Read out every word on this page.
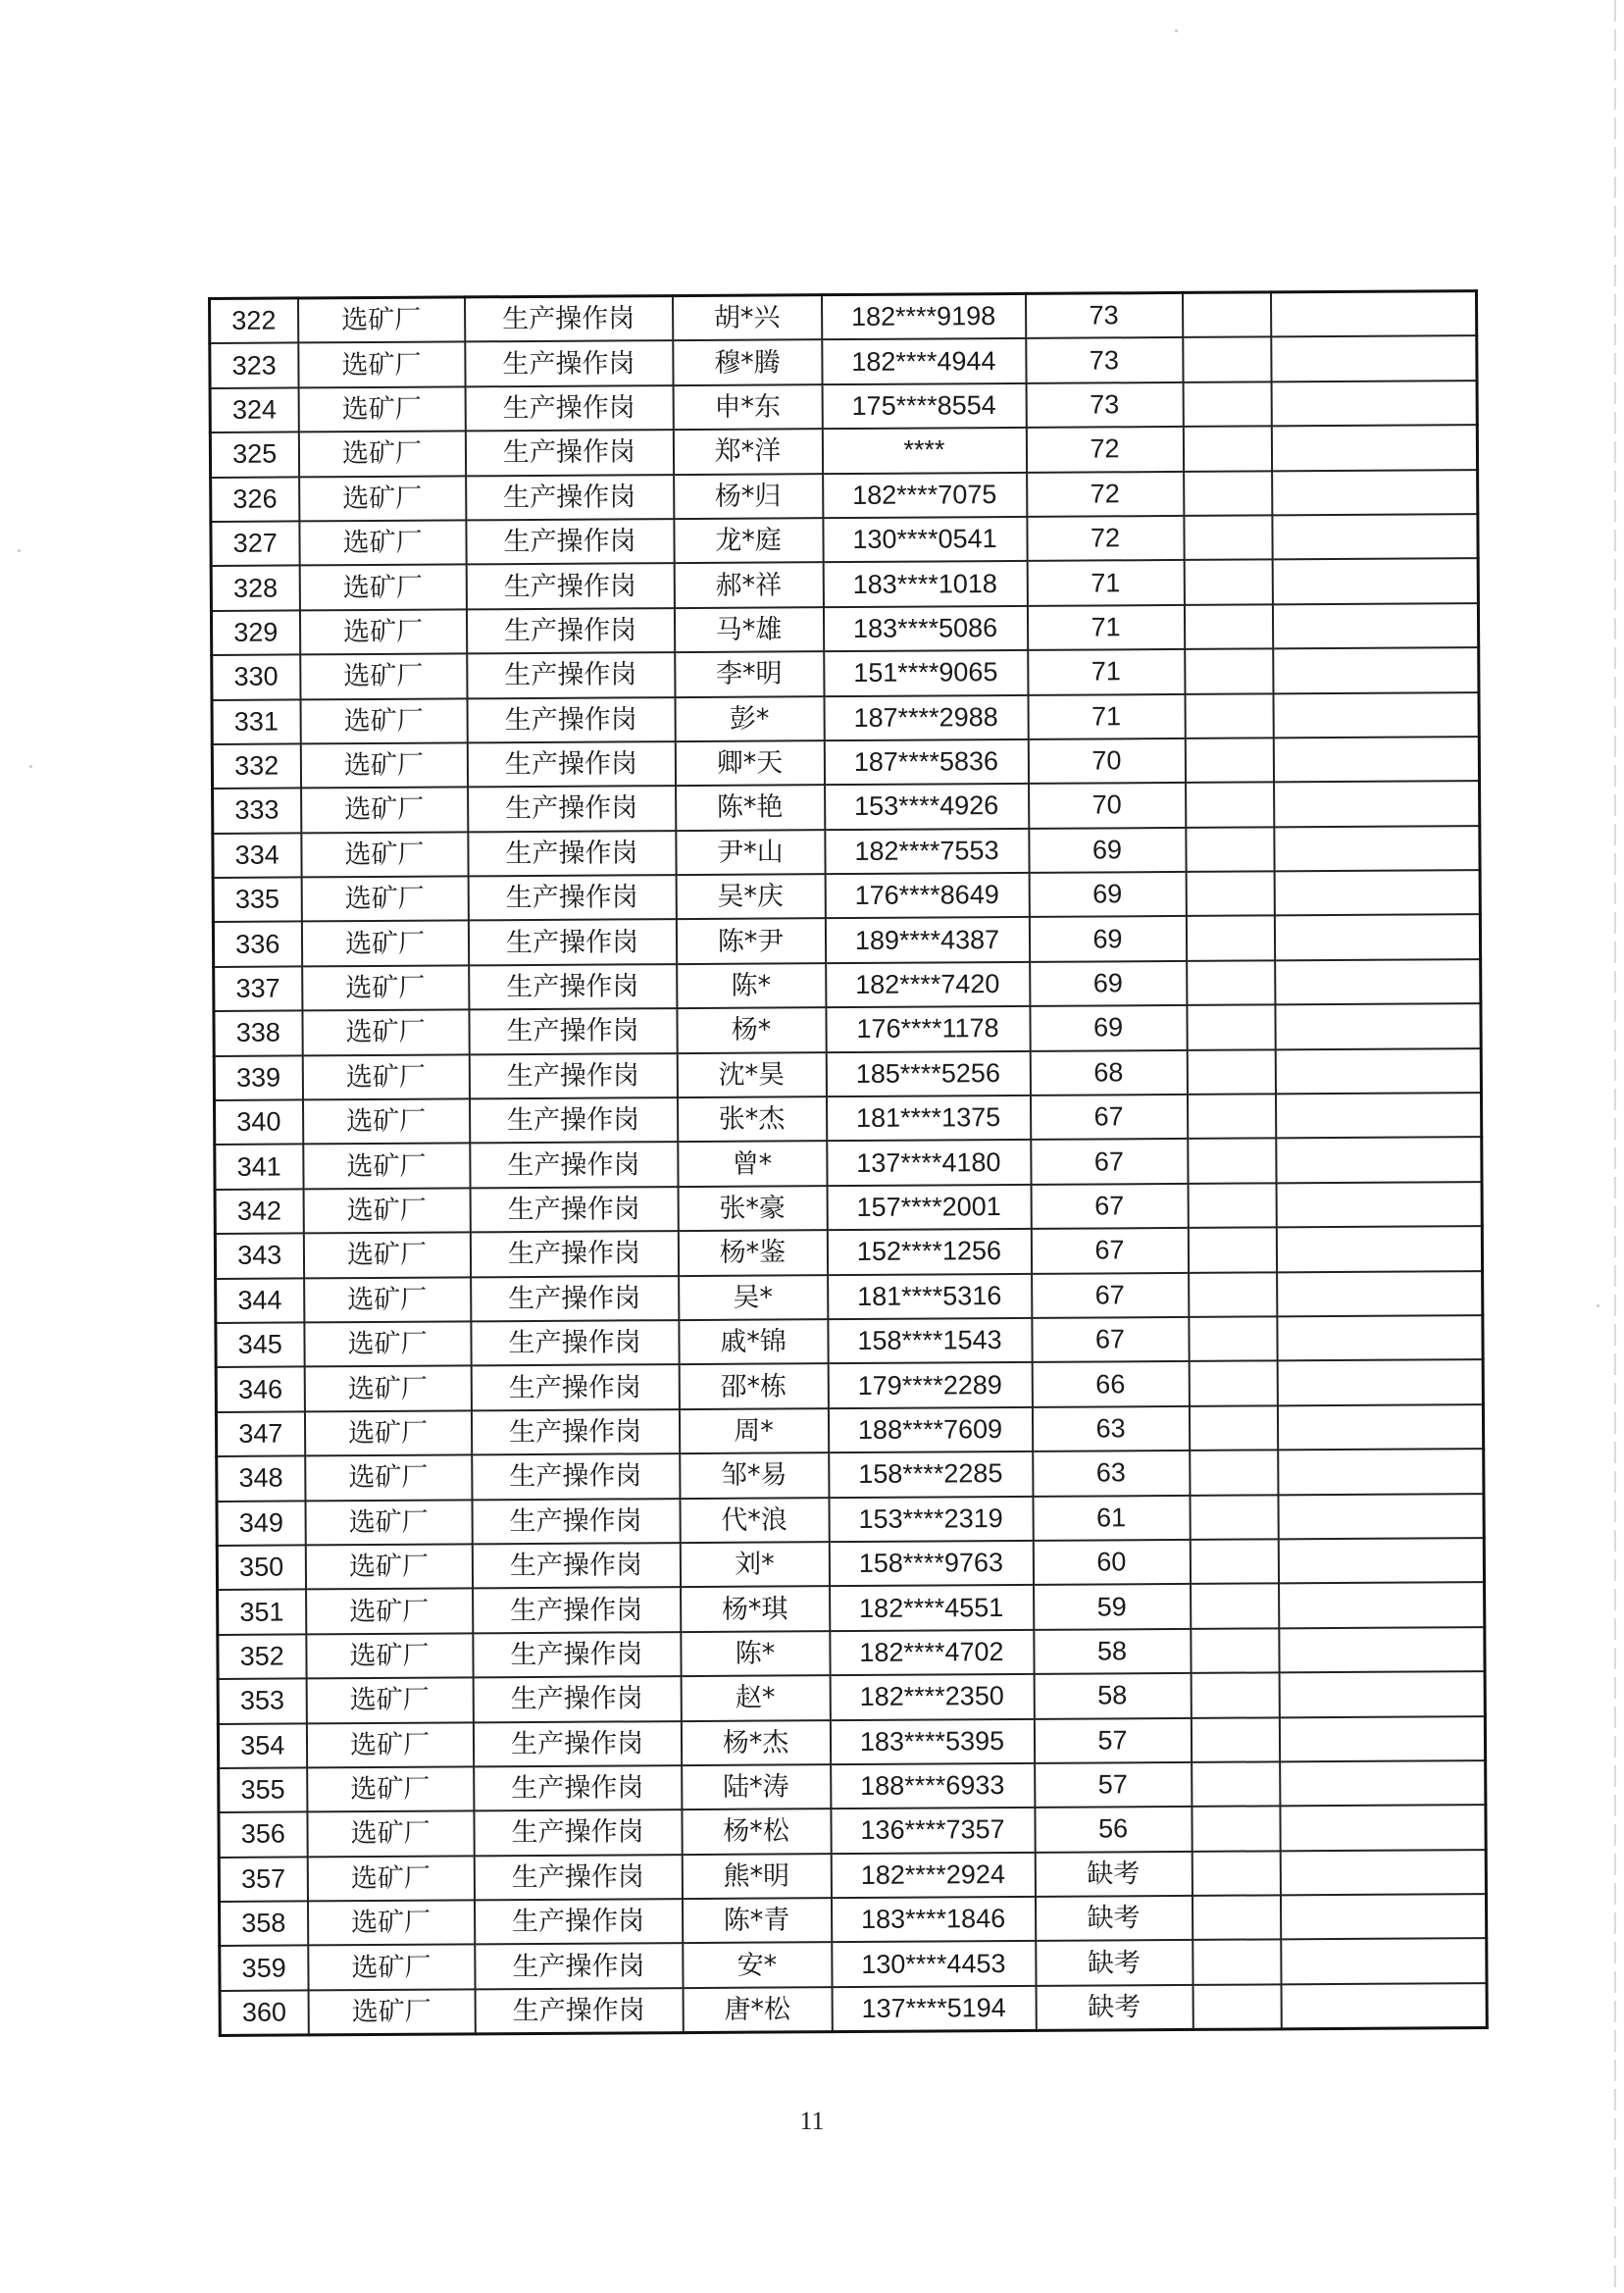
322	选矿厂	生产操作岗	胡*兴	182****9198	73		
323	选矿厂	生产操作岗	穆*腾	182****4944	73		
324	选矿厂	生产操作岗	申*东	175****8554	73		
325	选矿厂	生产操作岗	郑*洋	****	72		
326	选矿厂	生产操作岗	杨*归	182****7075	72		
327	选矿厂	生产操作岗	龙*庭	130****0541	72		
328	选矿厂	生产操作岗	郝*祥	183****1018	71		
329	选矿厂	生产操作岗	马*雄	183****5086	71		
330	选矿厂	生产操作岗	李*明	151****9065	71		
331	选矿厂	生产操作岗	彭*	187****2988	71		
332	选矿厂	生产操作岗	卿*天	187****5836	70		
333	选矿厂	生产操作岗	陈*艳	153****4926	70		
334	选矿厂	生产操作岗	尹*山	182****7553	69		
335	选矿厂	生产操作岗	吴*庆	176****8649	69		
336	选矿厂	生产操作岗	陈*尹	189****4387	69		
337	选矿厂	生产操作岗	陈*	182****7420	69		
338	选矿厂	生产操作岗	杨*	176****1178	69		
339	选矿厂	生产操作岗	沈*昊	185****5256	68		
340	选矿厂	生产操作岗	张*杰	181****1375	67		
341	选矿厂	生产操作岗	曾*	137****4180	67		
342	选矿厂	生产操作岗	张*豪	157****2001	67		
343	选矿厂	生产操作岗	杨*鉴	152****1256	67		
344	选矿厂	生产操作岗	吴*	181****5316	67		
345	选矿厂	生产操作岗	戚*锦	158****1543	67		
346	选矿厂	生产操作岗	邵*栋	179****2289	66		
347	选矿厂	生产操作岗	周*	188****7609	63		
348	选矿厂	生产操作岗	邹*易	158****2285	63		
349	选矿厂	生产操作岗	代*浪	153****2319	61		
350	选矿厂	生产操作岗	刘*	158****9763	60		
351	选矿厂	生产操作岗	杨*琪	182****4551	59		
352	选矿厂	生产操作岗	陈*	182****4702	58		
353	选矿厂	生产操作岗	赵*	182****2350	58		
354	选矿厂	生产操作岗	杨*杰	183****5395	57		
355	选矿厂	生产操作岗	陆*涛	188****6933	57		
356	选矿厂	生产操作岗	杨*松	136****7357	56		
357	选矿厂	生产操作岗	熊*明	182****2924	缺考		
358	选矿厂	生产操作岗	陈*青	183****1846	缺考		
359	选矿厂	生产操作岗	安*	130****4453	缺考		
360	选矿厂	生产操作岗	唐*松	137****5194	缺考		
11
